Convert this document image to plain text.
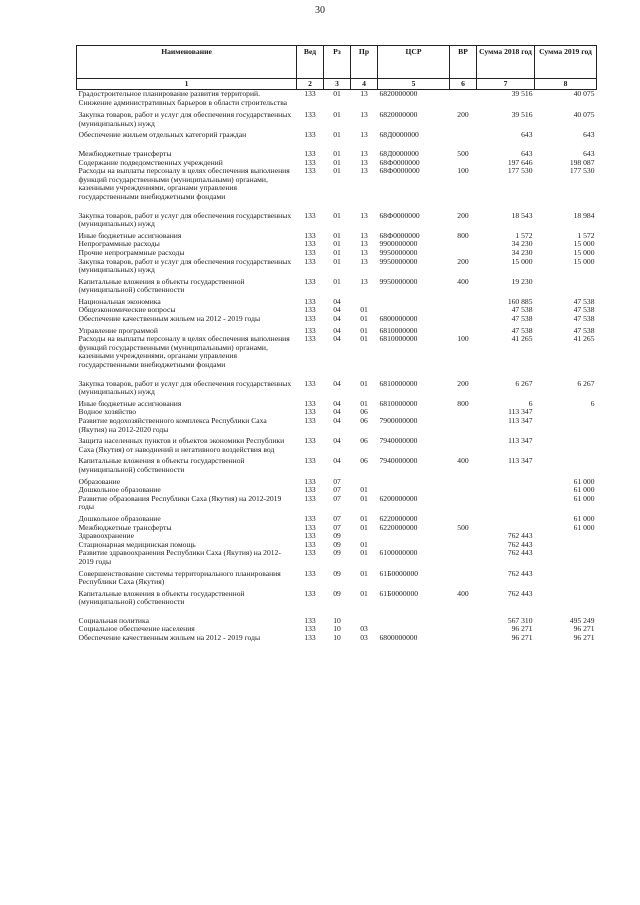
30
Наименование	Вед	Рз	Пр	ЦСР	ВР	Сумма 2018 год	Сумма 2019 год
1	2	3	4	5	6	7	8
Градостроительное планирование развития территорий. Снижение административных барьеров в области строительства	133	01	13	6820000000		39 516	40 075
Закупка товаров, работ и услуг для обеспечения государственных (муниципальных) нужд	133	01	13	6820000000	200	39 516	40 075
Обеспечение жильем отдельных категорий граждан	133	01	13	68Д0000000		643	643
Межбюджетные трансферты	133	01	13	68Д0000000	500	643	643
Содержание подведомственных учреждений	133	01	13	68Ф0000000		197 646	198 087
Расходы на выплаты персоналу в целях обеспечения выполнения функций государственными (муниципальными) органами, казенными учреждениями, органами управления государственными внебюджетными фондами	133	01	13	68Ф0000000	100	177 530	177 530
Закупка товаров, работ и услуг для обеспечения государственных (муниципальных) нужд	133	01	13	68Ф0000000	200	18 543	18 984
Иные бюджетные ассигнования	133	01	13	68Ф0000000	800	1 572	1 572
Непрограммные расходы	133	01	13	9900000000		34 230	15 000
Прочие непрограммные расходы	133	01	13	9950000000		34 230	15 000
Закупка товаров, работ и услуг для обеспечения государственных (муниципальных) нужд	133	01	13	9950000000	200	15 000	15 000
Капитальные вложения в объекты государственной (муниципальной) собственности	133	01	13	9950000000	400	19 230	
Национальная экономика	133	04				160 885	47 538
Общеэкономические вопросы	133	04	01			47 538	47 538
Обеспечение качественным жильем на 2012 - 2019 годы	133	04	01	6800000000		47 538	47 538
Управление программой	133	04	01	6810000000		47 538	47 538
Расходы на выплаты персоналу в целях обеспечения выполнения функций государственными (муниципальными) органами, казенными учреждениями, органами управления государственными внебюджетными фондами	133	04	01	6810000000	100	41 265	41 265
Закупка товаров, работ и услуг для обеспечения государственных (муниципальных) нужд	133	04	01	6810000000	200	6 267	6 267
Иные бюджетные ассигнования	133	04	01	6810000000	800	6	6
Водное хозяйство	133	04	06			113 347	
Развитие водохозяйственного комплекса Республики Саха (Якутия) на 2012-2020 годы	133	04	06	7900000000		113 347	
Защита населенных пунктов и объектов экономики Республики Саха (Якутия) от наводнений и негативного воздействия вод	133	04	06	7940000000		113 347	
Капитальные вложения в объекты государственной (муниципальной) собственности	133	04	06	7940000000	400	113 347	
Образование	133	07					61 000
Дошкольное образование	133	07	01				61 000
Развитие образования Республики Саха (Якутия) на 2012-2019 годы	133	07	01	6200000000			61 000
Дошкольное образование	133	07	01	6220000000			61 000
Межбюджетные трансферты	133	07	01	6220000000	500		61 000
Здравоохранение	133	09				762 443	
Стационарная медицинская помощь	133	09	01			762 443	
Развитие здравоохранения Республики Саха (Якутия) на 2012-2019 годы	133	09	01	6100000000		762 443	
Совершенствование системы территориального планирования Республики Саха (Якутия)	133	09	01	61Б0000000		762 443	
Капитальные вложения в объекты государственной (муниципальной) собственности	133	09	01	61Б0000000	400	762 443	
Социальная политика	133	10				567 310	495 249
Социальное обеспечение населения	133	10	03			96 271	96 271
Обеспечение качественным жильем на 2012 - 2019 годы	133	10	03	6800000000		96 271	96 271
